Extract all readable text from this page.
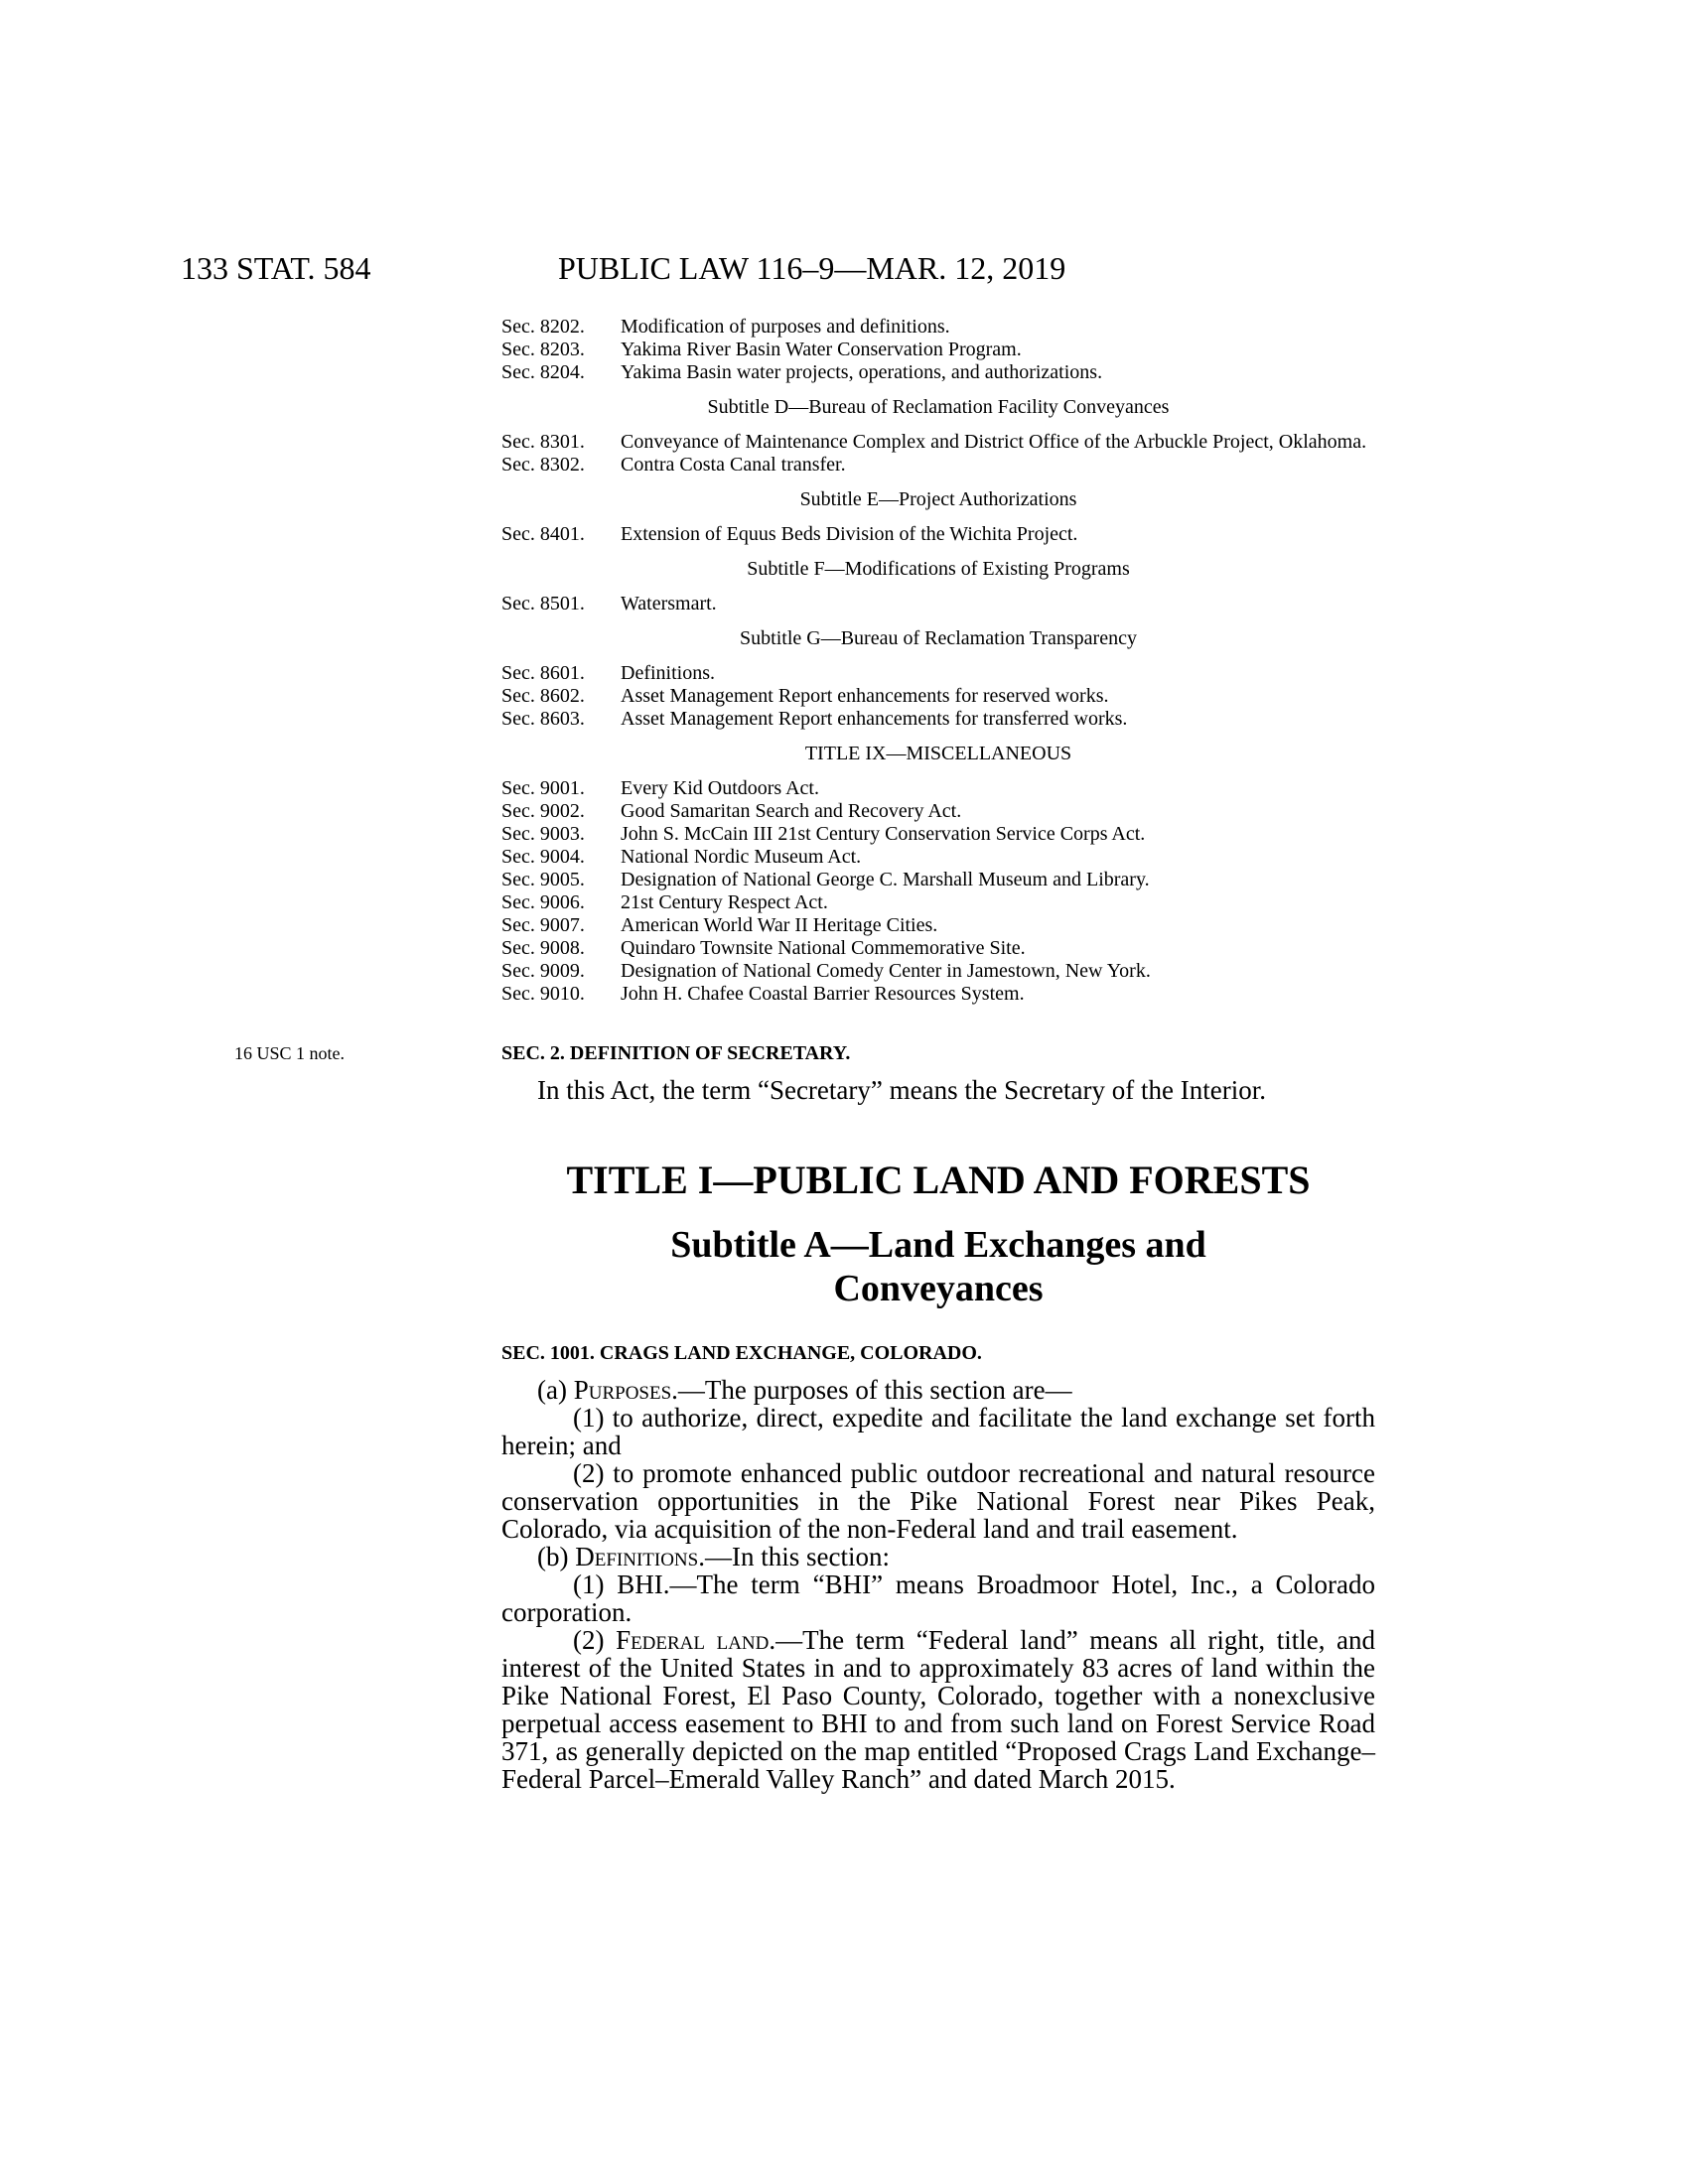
133 STAT. 584	PUBLIC LAW 116–9—MAR. 12, 2019
Sec. 8202.	Modification of purposes and definitions.
Sec. 8203.	Yakima River Basin Water Conservation Program.
Sec. 8204.	Yakima Basin water projects, operations, and authorizations.
Subtitle D—Bureau of Reclamation Facility Conveyances
Sec. 8301.	Conveyance of Maintenance Complex and District Office of the Arbuckle Project, Oklahoma.
Sec. 8302.	Contra Costa Canal transfer.
Subtitle E—Project Authorizations
Sec. 8401.	Extension of Equus Beds Division of the Wichita Project.
Subtitle F—Modifications of Existing Programs
Sec. 8501.	Watersmart.
Subtitle G—Bureau of Reclamation Transparency
Sec. 8601.	Definitions.
Sec. 8602.	Asset Management Report enhancements for reserved works.
Sec. 8603.	Asset Management Report enhancements for transferred works.
TITLE IX—MISCELLANEOUS
Sec. 9001.	Every Kid Outdoors Act.
Sec. 9002.	Good Samaritan Search and Recovery Act.
Sec. 9003.	John S. McCain III 21st Century Conservation Service Corps Act.
Sec. 9004.	National Nordic Museum Act.
Sec. 9005.	Designation of National George C. Marshall Museum and Library.
Sec. 9006.	21st Century Respect Act.
Sec. 9007.	American World War II Heritage Cities.
Sec. 9008.	Quindaro Townsite National Commemorative Site.
Sec. 9009.	Designation of National Comedy Center in Jamestown, New York.
Sec. 9010.	John H. Chafee Coastal Barrier Resources System.
16 USC 1 note.	SEC. 2. DEFINITION OF SECRETARY.

In this Act, the term “Secretary” means the Secretary of the Interior.

TITLE I—PUBLIC LAND AND FORESTS
Subtitle A—Land Exchanges and
Conveyances
SEC. 1001. CRAGS LAND EXCHANGE, COLORADO.

(a) Purposes.—The purposes of this section are—

(1) to authorize, direct, expedite and facilitate the land exchange set forth herein; and

(2) to promote enhanced public outdoor recreational and natural resource conservation opportunities in the Pike National Forest near Pikes Peak, Colorado, via acquisition of the non-Federal land and trail easement.

(b) Definitions.—In this section:

(1) BHI.—The term “BHI” means Broadmoor Hotel, Inc., a Colorado corporation.

(2) Federal land.—The term “Federal land” means all right, title, and interest of the United States in and to approximately 83 acres of land within the Pike National Forest, El Paso County, Colorado, together with a nonexclusive perpetual access easement to BHI to and from such land on Forest Service Road 371, as generally depicted on the map entitled “Proposed Crags Land Exchange–Federal Parcel–Emerald Valley Ranch” and dated March 2015.
